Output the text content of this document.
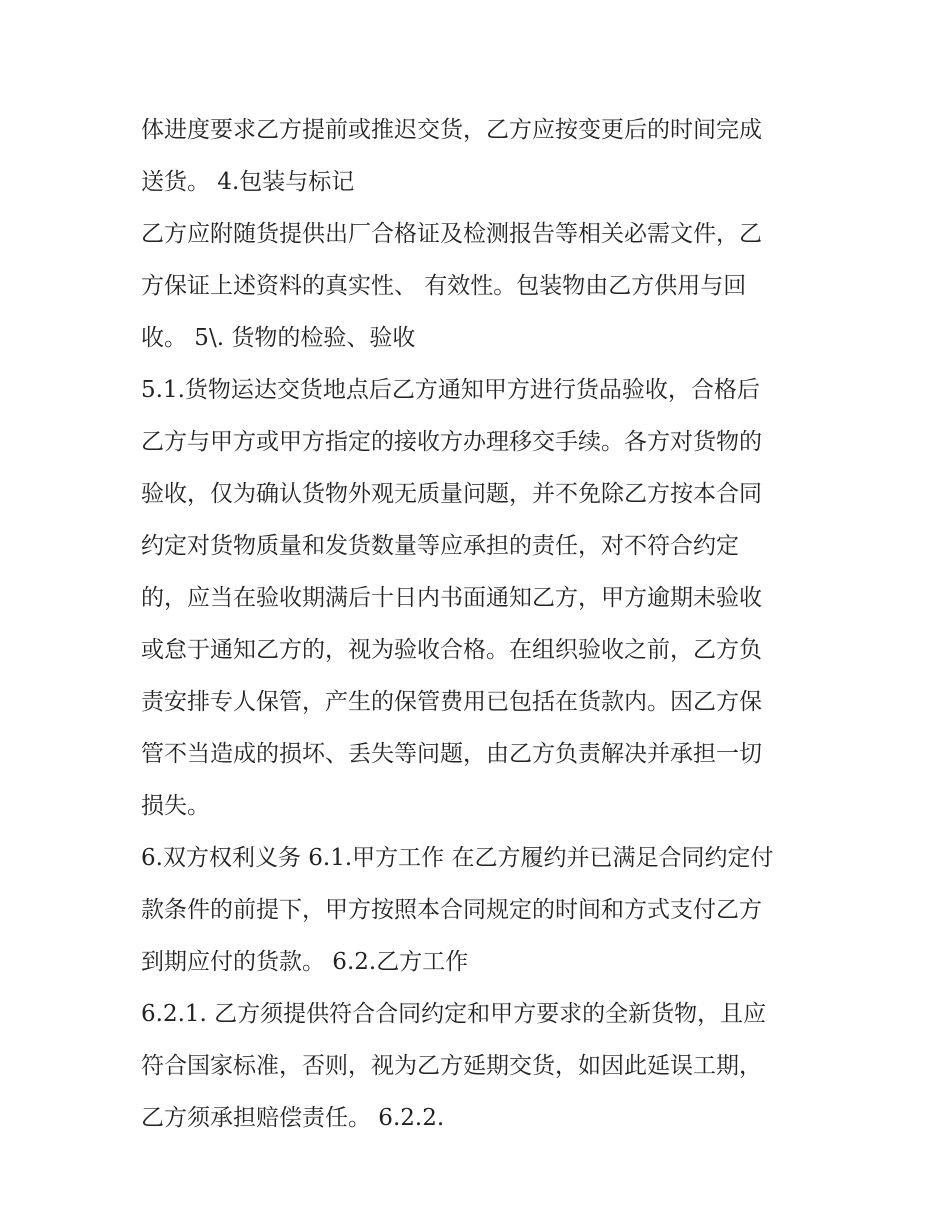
体进度要求乙方提前或推迟交货，乙方应按变更后的时间完成
送货。 4.包装与标记
乙方应附随货提供出厂合格证及检测报告等相关必需文件，乙
方保证上述资料的真实性、 有效性。包装物由乙方供用与回
收。 5\. 货物的检验、验收
5.1.货物运达交货地点后乙方通知甲方进行货品验收，合格后
乙方与甲方或甲方指定的接收方办理移交手续。各方对货物的
验收，仅为确认货物外观无质量问题，并不免除乙方按本合同
约定对货物质量和发货数量等应承担的责任，对不符合约定
的，应当在验收期满后十日内书面通知乙方，甲方逾期未验收
或怠于通知乙方的，视为验收合格。在组织验收之前，乙方负
责安排专人保管，产生的保管费用已包括在货款内。因乙方保
管不当造成的损坏、丢失等问题，由乙方负责解决并承担一切
损失。
6.双方权利义务 6.1.甲方工作 在乙方履约并已满足合同约定付
款条件的前提下，甲方按照本合同规定的时间和方式支付乙方
到期应付的货款。 6.2.乙方工作
6.2.1. 乙方须提供符合合同约定和甲方要求的全新货物，且应
符合国家标准，否则，视为乙方延期交货，如因此延误工期，
乙方须承担赔偿责任。 6.2.2.
